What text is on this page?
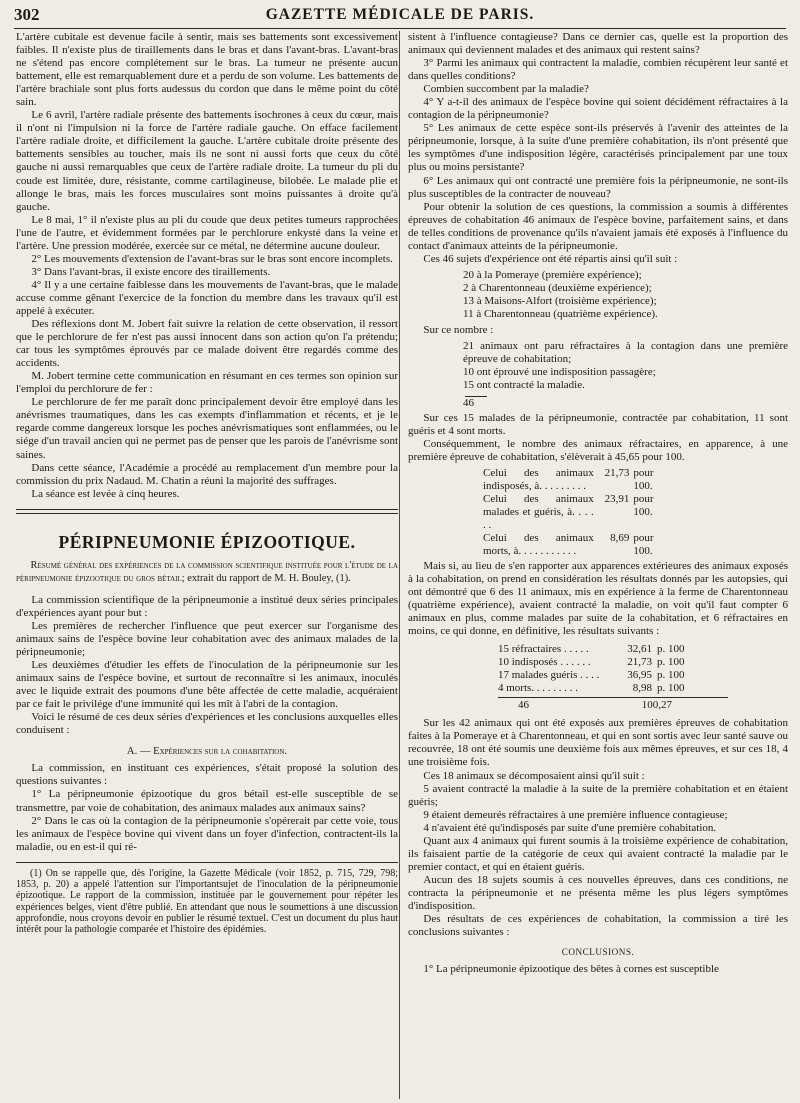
302	GAZETTE MÉDICALE DE PARIS.

L'artère cubitale est devenue facile à sentir, mais ses battements sont excessivement faibles. Il n'existe plus de tiraillements dans le bras et dans l'avant-bras. L'avant-bras ne s'étend pas encore complétement sur le bras. La tumeur ne présente aucun battement, elle est remarquablement dure et a perdu de son volume. Les battements de l'artère brachiale sont plus forts audessus du cordon que dans le même point du côté sain.

Le 6 avril, l'artère radiale présente des battements isochrones à ceux du cœur, mais il n'ont ni l'impulsion ni la force de l'artère radiale gauche. On efface facilement l'artère radiale droite, et difficilement la gauche. L'artère cubitale droite présente des battements sensibles au toucher, mais ils ne sont ni aussi forts que ceux du côté gauche ni aussi remarquables que ceux de l'artère radiale droite. La tumeur du pli du coude est limitée, dure, résistante, comme cartilagineuse, bilobée. Le malade plie et allonge le bras, mais les forces musculaires sont moins puissantes à droite qu'à gauche.

Le 8 mai, 1° il n'existe plus au pli du coude que deux petites tumeurs rapprochées l'une de l'autre, et évidemment formées par le perchlorure enkysté dans la veine et l'artère. Une pression modérée, exercée sur ce métal, ne détermine aucune douleur.

2° Les mouvements d'extension de l'avant-bras sur le bras sont encore incomplets.

3° Dans l'avant-bras, il existe encore des tiraillements.

4° Il y a une certaine faiblesse dans les mouvements de l'avant-bras, que le malade accuse comme gênant l'exercice de la fonction du membre dans les travaux qu'il est appelé à exécuter.

Des réflexions dont M. Jobert fait suivre la relation de cette observation, il ressort que le perchlorure de fer n'est pas aussi innocent dans son action qu'on l'a prétendu; car tous les symptômes éprouvés par ce malade doivent être regardés comme des accidents.

M. Jobert termine cette communication en résumant en ces termes son opinion sur l'emploi du perchlorure de fer :

Le perchlorure de fer me paraît donc principalement devoir être employé dans les anévrismes traumatiques, dans les cas exempts d'inflammation et récents, et je le regarde comme dangereux lorsque les poches anévrismatiques sont enflammées, ou le siége d'un travail ancien qui ne permet pas de penser que les parois de l'anévrisme sont saines.

Dans cette séance, l'Académie a procédé au remplacement d'un membre pour la commission du prix Nadaud. M. Chatin a réuni la majorité des suffrages.

La séance est levée à cinq heures.

PÉRIPNEUMONIE ÉPIZOOTIQUE.

Résumé général des expériences de la commission scientifique instituée pour l'étude de la péripneumonie épizootique du gros bétail; extrait du rapport de M. H. Bouley, (1).

La commission scientifique de la péripneumonie a institué deux séries principales d'expériences ayant pour but :

Les premières de rechercher l'influence que peut exercer sur l'organisme des animaux sains de l'espèce bovine leur cohabitation avec des animaux malades de la péripneumonie;

Les deuxièmes d'étudier les effets de l'inoculation de la péripneumonie sur les animaux sains de l'espèce bovine, et surtout de reconnaître si les animaux, inoculés avec le liquide extrait des poumons d'une bête affectée de cette maladie, acquéraient par ce fait le privilége d'une immunité qui les mît à l'abri de la contagion.

Voici le résumé de ces deux séries d'expériences et les conclusions auxquelles elles conduisent :

A. — Expériences sur la cohabitation.

La commission, en instituant ces expériences, s'était proposé la solution des questions suivantes :

1° La péripneumonie épizootique du gros bétail est-elle susceptible de se transmettre, par voie de cohabitation, des animaux malades aux animaux sains?

2° Dans le cas où la contagion de la péripneumonie s'opérerait par cette voie, tous les animaux de l'espèce bovine qui vivent dans un foyer d'infection, contractent-ils la maladie, ou en est-il qui ré-

(1) On se rappelle que, dès l'origine, la Gazette Médicale (voir 1852, p. 715, 729, 798; 1853, p. 20) a appelé l'attention sur l'importantsujet de l'inoculation de la péripneumonie épizootique. Le rapport de la commission, instituée par le gouvernement pour répéter les expériences belges, vient d'être publié. En attendant que nous le soumettions à une discussion approfondie, nous croyons devoir en publier le résumé textuel. C'est un document du plus haut intérêt pour la pathologie comparée et l'histoire des épidémies.

sistent à l'influence contagieuse? Dans ce dernier cas, quelle est la proportion des animaux qui deviennent malades et des animaux qui restent sains?

3° Parmi les animaux qui contractent la maladie, combien récupèrent leur santé et dans quelles conditions?

Combien succombent par la maladie?

4° Y a-t-il des animaux de l'espèce bovine qui soient décidément réfractaires à la contagion de la péripneumonie?

5° Les animaux de cette espèce sont-ils préservés à l'avenir des atteintes de la péripneumonie, lorsque, à la suite d'une première cohabitation, ils n'ont présenté que les symptômes d'une indisposition légère, caractérisés principalement par une toux plus ou moins persistante?

6° Les animaux qui ont contracté une première fois la péripneumonie, ne sont-ils plus susceptibles de la contracter de nouveau?

Pour obtenir la solution de ces questions, la commission a soumis à différentes épreuves de cohabitation 46 animaux de l'espèce bovine, parfaitement sains, et dans de telles conditions de provenance qu'ils n'avaient jamais été exposés à l'influence du contact d'animaux atteints de la péripneumonie.

Ces 46 sujets d'expérience ont été répartis ainsi qu'il suit :

20 à la Pomeraye (première expérience);
2 à Charentonneau (deuxième expérience);
13 à Maisons-Alfort (troisième expérience);
11 à Charentonneau (quatrième expérience).

Sur ce nombre :

21 animaux ont paru réfractaires à la contagion dans une première épreuve de cohabitation;
10 ont éprouvé une indisposition passagère;
15 ont contracté la maladie.
46

Sur ces 15 malades de la péripneumonie, contractée par cohabitation, 11 sont guéris et 4 sont morts.

Conséquemment, le nombre des animaux réfractaires, en apparence, à une première épreuve de cohabitation, s'élèverait à 45,65 pour 100.

Celui des animaux indisposés, à. . . . . . . . .
21,73 pour 100.
Celui des animaux malades et guéris, à. . . . . .
23,91 pour 100.
Celui des animaux morts, à. . . . . . . . . . .
8,69 pour 100.

Mais si, au lieu de s'en rapporter aux apparences extérieures des animaux exposés à la cohabitation, on prend en considération les résultats donnés par les autopsies, qui ont démontré que 6 des 11 animaux, mis en expérience à la ferme de Charentonneau (quatrième expérience), avaient contracté la maladie, on voit qu'il faut compter 6 animaux en plus, comme malades par suite de la cohabitation, et 6 réfractaires en moins, ce qui donne, en définitive, les résultats suivants :

15 réfractaires . . . . .	32,61 p. 100
10 indisposés . . . . . .	21,73 p. 100
17 malades guéris . . . .	36,95 p. 100
4 morts. . . . . . . . .	8,98 p. 100
46	100,27

Sur les 42 animaux qui ont été exposés aux premières épreuves de cohabitation faites à la Pomeraye et à Charentonneau, et qui en sont sortis avec leur santé sauve ou recouvrée, 18 ont été soumis une deuxième fois aux mêmes épreuves, et sur ces 18, 4 une troisième fois.

Ces 18 animaux se décomposaient ainsi qu'il suit :

5 avaient contracté la maladie à la suite de la première cohabitation et en étaient guéris;

9 étaient demeurés réfractaires à une première influence contagieuse;

4 n'avaient été qu'indisposés par suite d'une première cohabitation.

Quant aux 4 animaux qui furent soumis à la troisième expérience de cohabitation, ils faisaient partie de la catégorie de ceux qui avaient contracté la maladie par le premier contact, et qui en étaient guéris.

Aucun des 18 sujets soumis à ces nouvelles épreuves, dans ces conditions, ne contracta la péripneumonie et ne présenta même les plus légers symptômes d'indisposition.

Des résultats de ces expériences de cohabitation, la commission a tiré les conclusions suivantes :

CONCLUSIONS.

1° La péripneumonie épizootique des bêtes à cornes est susceptible
